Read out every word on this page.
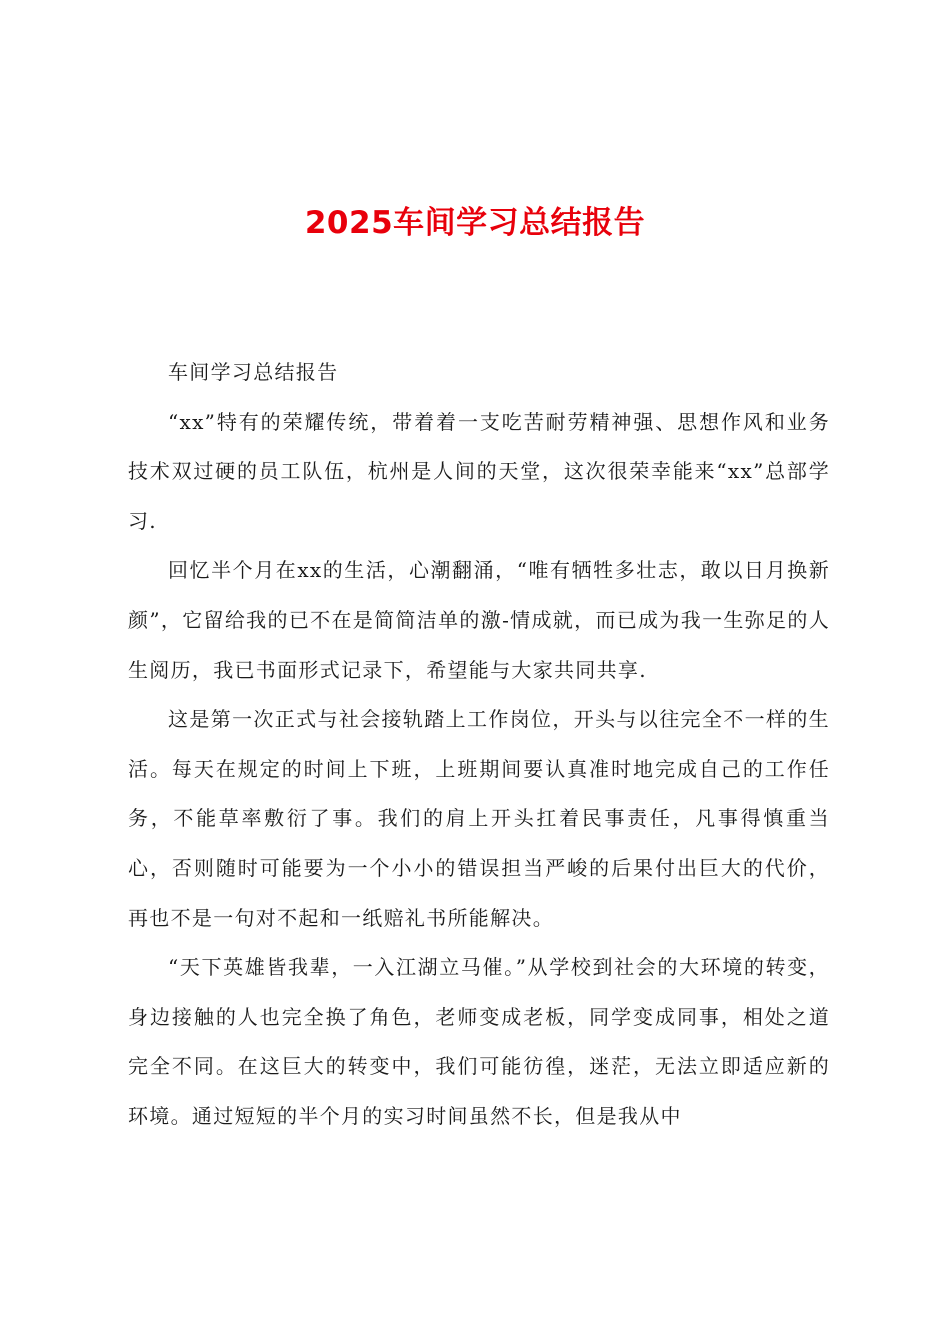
2025车间学习总结报告

车间学习总结报告

“xx”特有的荣耀传统，带着着一支吃苦耐劳精神强、思想作风和业务技术双过硬的员工队伍，杭州是人间的天堂，这次很荣幸能来“xx”总部学习.

回忆半个月在xx的生活，心潮翻涌，“唯有牺牲多壮志，敢以日月换新颜”，它留给我的已不在是简简洁单的激-情成就，而已成为我一生弥足的人生阅历，我已书面形式记录下，希望能与大家共同共享.

这是第一次正式与社会接轨踏上工作岗位，开头与以往完全不一样的生活。每天在规定的时间上下班，上班期间要认真准时地完成自己的工作任务，不能草率敷衍了事。我们的肩上开头扛着民事责任，凡事得慎重当心，否则随时可能要为一个小小的错误担当严峻的后果付出巨大的代价，再也不是一句对不起和一纸赔礼书所能解决。

“天下英雄皆我辈，一入江湖立马催。”从学校到社会的大环境的转变，身边接触的人也完全换了角色，老师变成老板，同学变成同事，相处之道完全不同。在这巨大的转变中，我们可能彷徨，迷茫，无法立即适应新的环境。通过短短的半个月的实习时间虽然不长，但是我从中
